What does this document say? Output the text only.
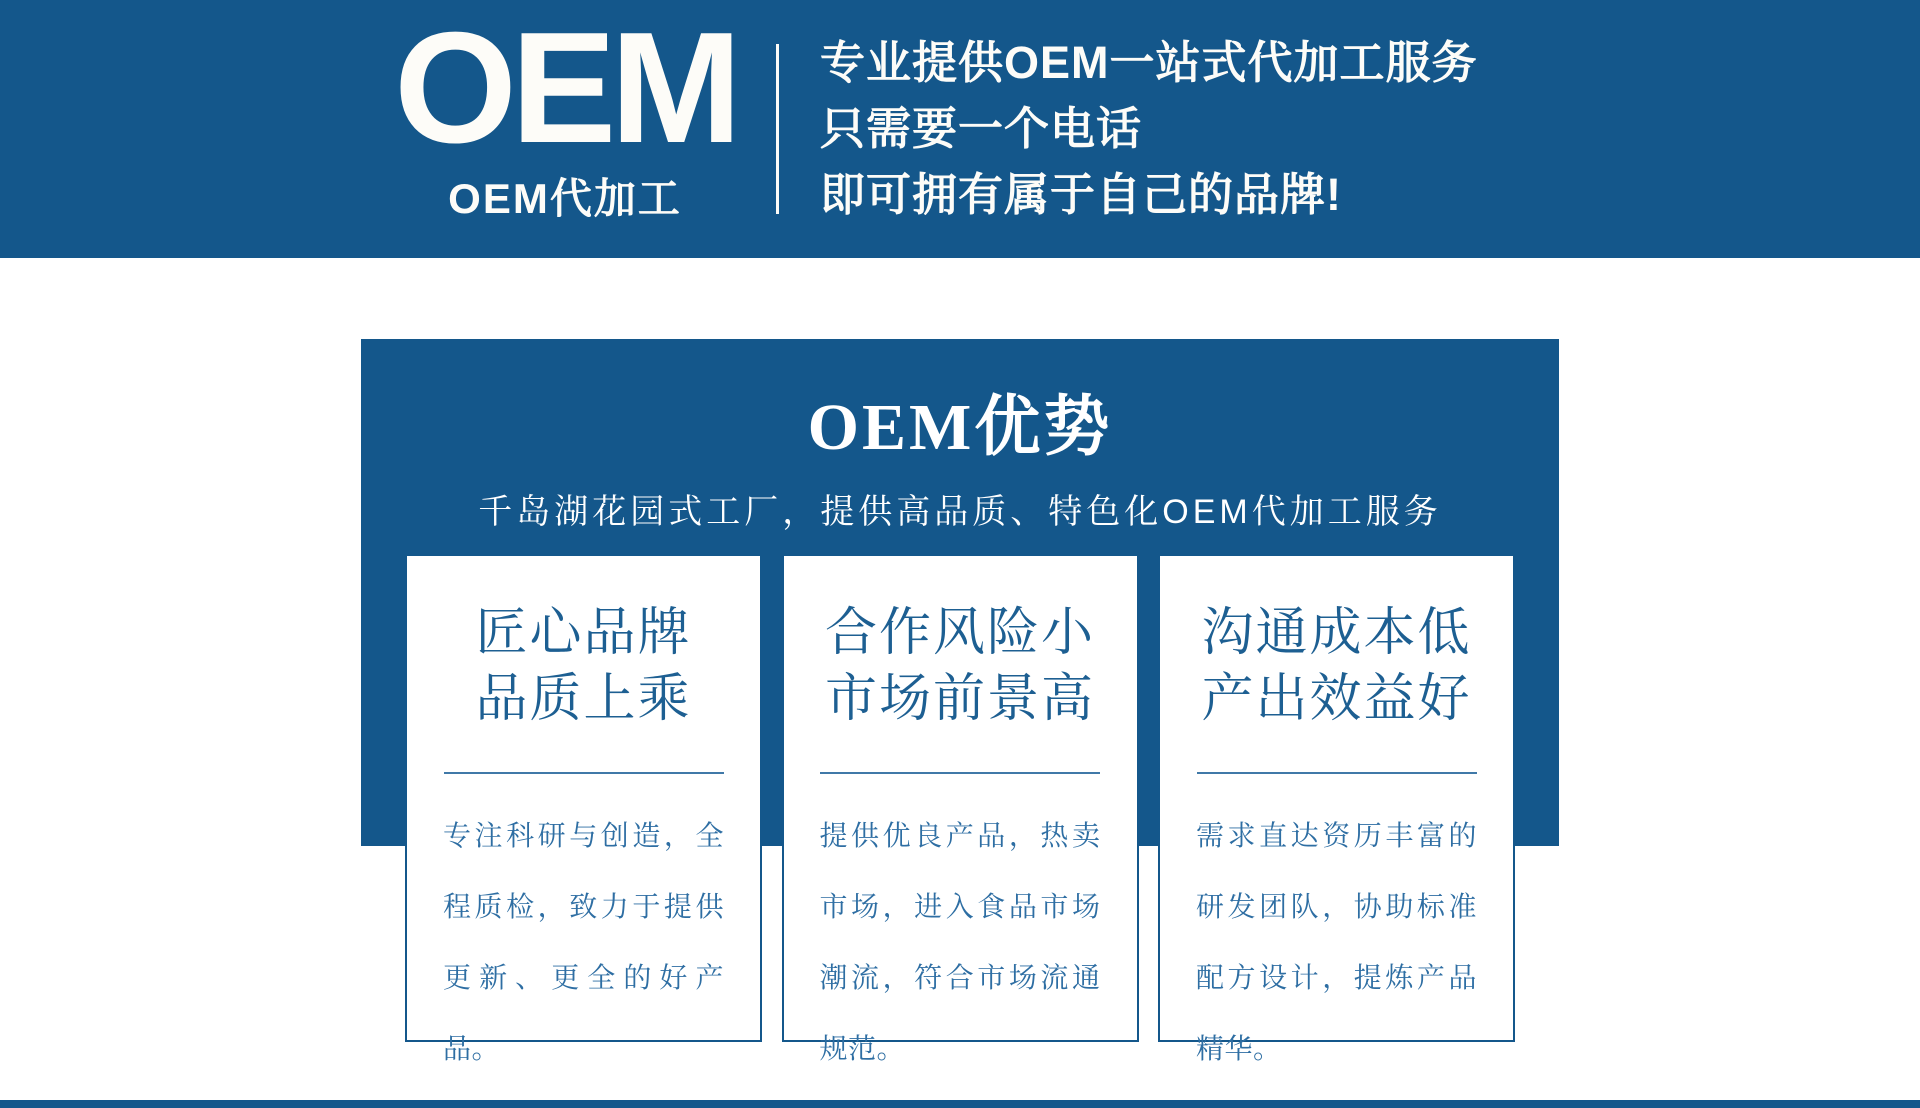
OEM
OEM代加工
专业提供OEM一站式代加工服务
只需要一个电话
即可拥有属于自己的品牌!
OEM优势
千岛湖花园式工厂，提供高品质、特色化OEM代加工服务
匠心品牌
品质上乘
专注科研与创造，全程质检，致力于提供更新、更全的好产品。
合作风险小
市场前景高
提供优良产品，热卖市场，进入食品市场潮流，符合市场流通规范。
沟通成本低
产出效益好
需求直达资历丰富的研发团队，协助标准配方设计，提炼产品精华。
